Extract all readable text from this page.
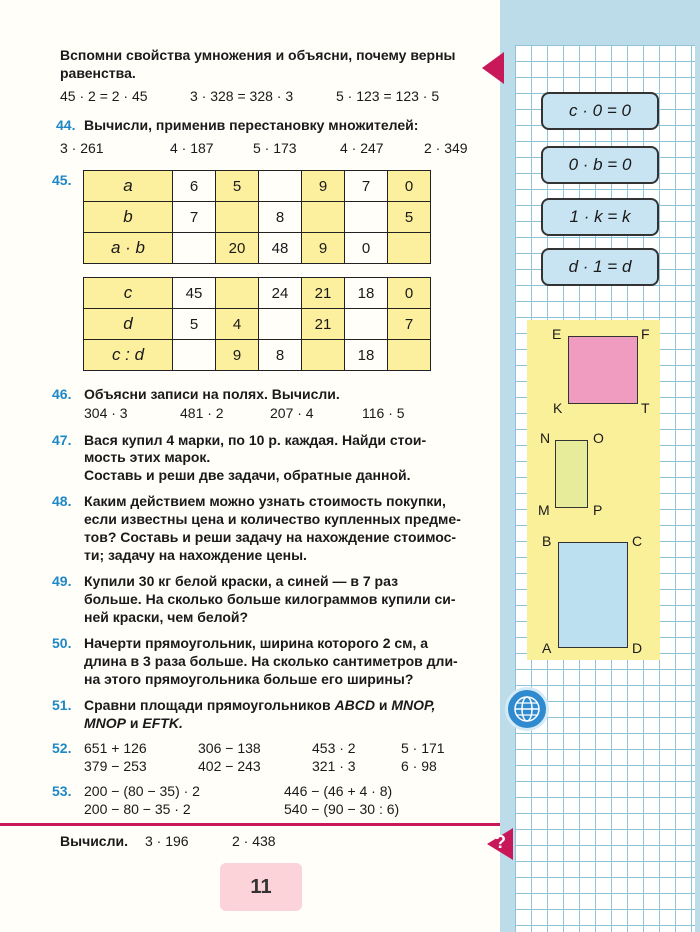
Вспомни свойства умножения и объясни, почему верны
равенства.
45 · 2 = 2 · 45	3 · 328 = 328 · 3	5 · 123 = 123 · 5
44. Вычисли, применив перестановку множителей:
3 · 261	4 · 187	5 · 173	4 · 247	2 · 349
45.	a	6	5		9	7	0
b	7		8			5
a · b		20	48	9	0	
c	45		24	21	18	0
d	5	4		21		7
c : d		9	8		18	
46. Объясни записи на полях. Вычисли.
304 · 3	481 · 2	207 · 4	116 · 5
47. Вася купил 4 марки, по 10 р. каждая. Найди стои-
мость этих марок.
Составь и реши две задачи, обратные данной.
48. Каким действием можно узнать стоимость покупки,
если известны цена и количество купленных предме-
тов? Составь и реши задачу на нахождение стоимос-
ти; задачу на нахождение цены.
49. Купили 30 кг белой краски, а синей — в 7 раз
больше. На сколько больше килограммов купили си-
ней краски, чем белой?
50. Начерти прямоугольник, ширина которого 2 см, а
длина в 3 раза больше. На сколько сантиметров дли-
на этого прямоугольника больше его ширины?
51. Сравни площади прямоугольников ABCD и MNOP,
MNOP и EFTK.
52. 651 + 126	306 − 138	453 · 2	5 · 171
379 − 253	402 − 243	321 · 3	6 · 98
53. 200 − (80 − 35) · 2	446 − (46 + 4 · 8)
200 − 80 − 35 · 2	540 − (90 − 30 : 6)
Вычисли. 3 · 196	2 · 438	?
11
c · 0 = 0
0 · b = 0
1 · k = k
d · 1 = d
E	F
K	T
N	O
M	P
B	C
A	D
